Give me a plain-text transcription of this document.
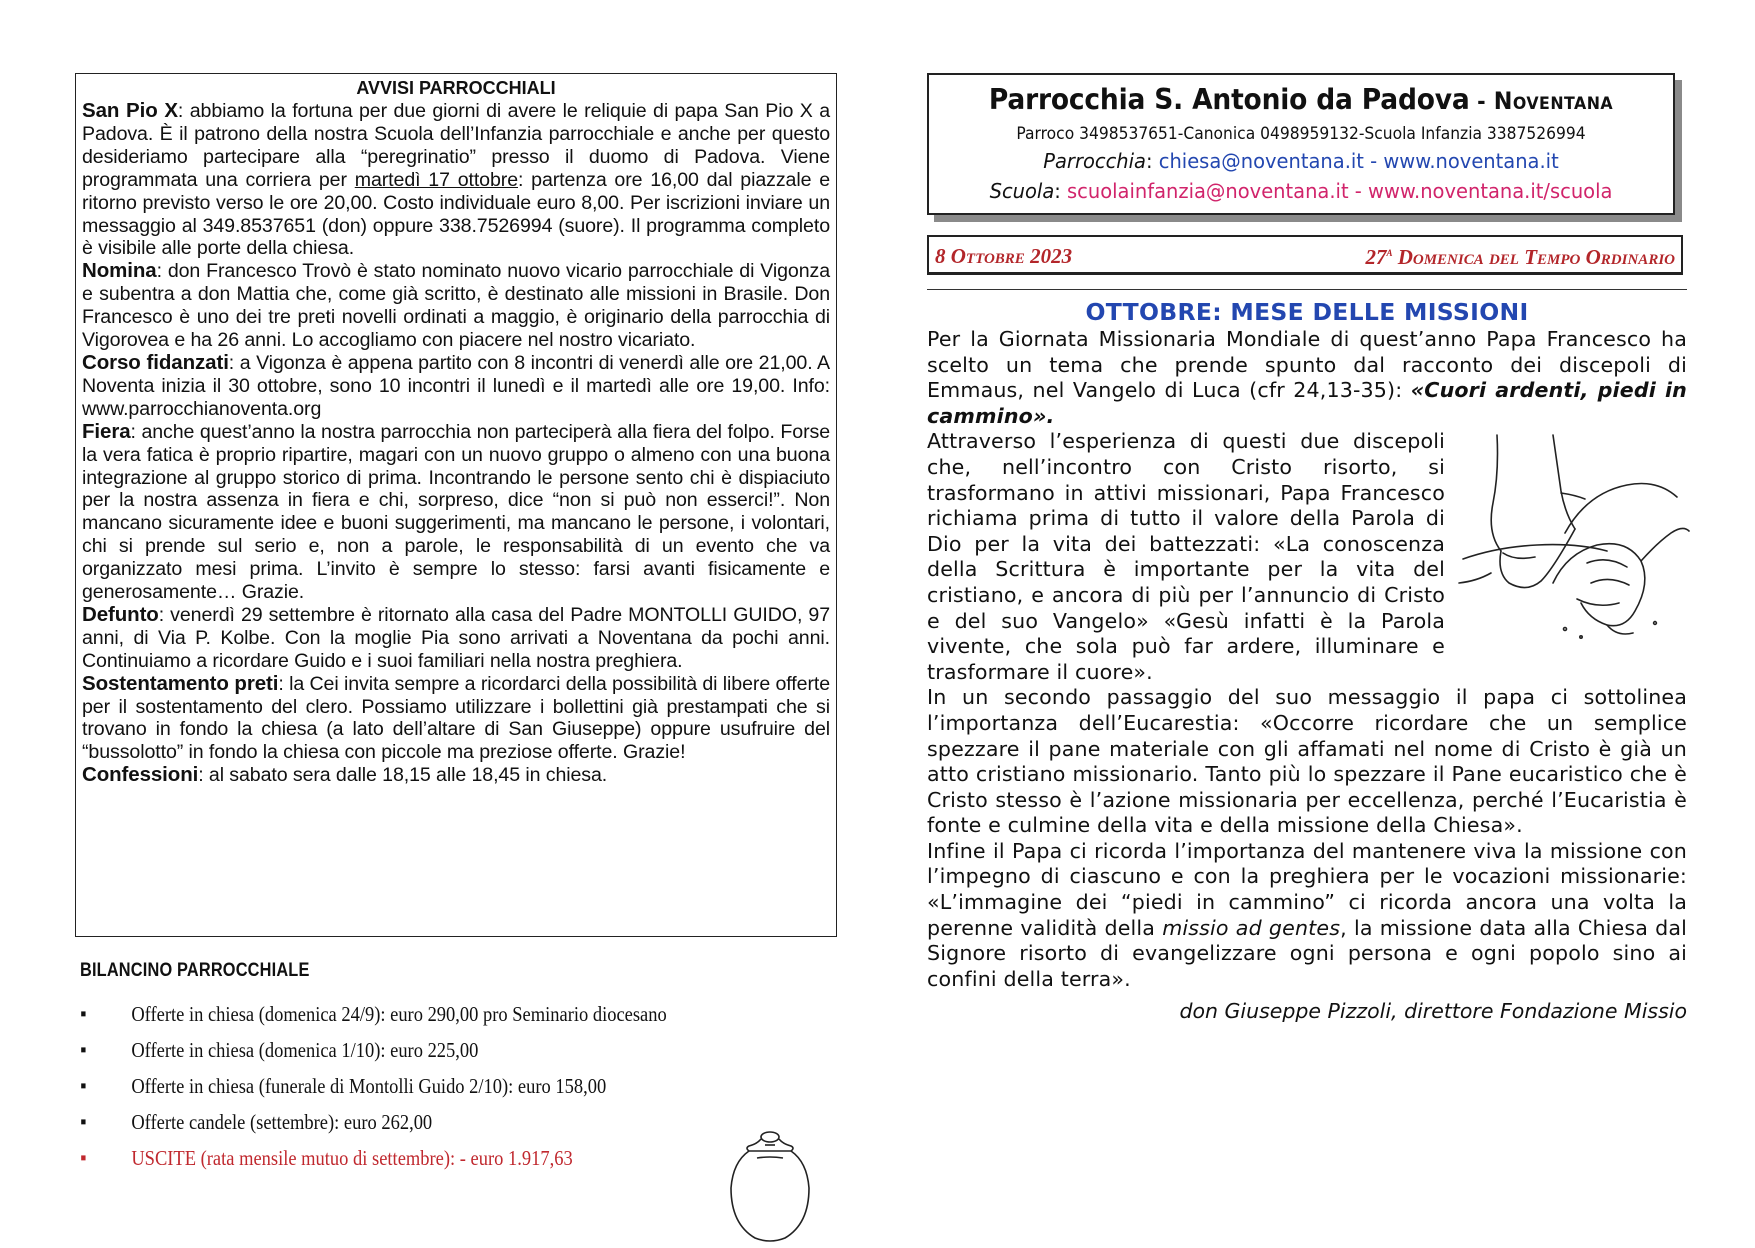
AVVISI PARROCCHIALI

San Pio X: abbiamo la fortuna per due giorni di avere le reliquie di papa San Pio X a Padova. È il patrono della nostra Scuola dell’Infanzia parrocchiale e anche per questo desideriamo partecipare alla “peregrinatio” presso il duomo di Padova. Viene programmata una corriera per martedì 17 ottobre: partenza ore 16,00 dal piazzale e ritorno previsto verso le ore 20,00. Costo individuale euro 8,00. Per iscrizioni inviare un messaggio al 349.8537651 (don) oppure 338.7526994 (suore). Il programma completo è visibile alle porte della chiesa.

Nomina: don Francesco Trovò è stato nominato nuovo vicario parrocchiale di Vigonza e subentra a don Mattia che, come già scritto, è destinato alle missioni in Brasile. Don Francesco è uno dei tre preti novelli ordinati a maggio, è originario della parrocchia di Vigorovea e ha 26 anni. Lo accogliamo con piacere nel nostro vicariato.

Corso fidanzati: a Vigonza è appena partito con 8 incontri di venerdì alle ore 21,00. A Noventa inizia il 30 ottobre, sono 10 incontri il lunedì e il martedì alle ore 19,00. Info: www.parrocchianoventa.org

Fiera: anche quest’anno la nostra parrocchia non parteciperà alla fiera del folpo. Forse la vera fatica è proprio ripartire, magari con un nuovo gruppo o almeno con una buona integrazione al gruppo storico di prima. Incontrando le persone sento chi è dispiaciuto per la nostra assenza in fiera e chi, sorpreso, dice “non si può non esserci!”. Non mancano sicuramente idee e buoni suggerimenti, ma mancano le persone, i volontari, chi si prende sul serio e, non a parole, le responsabilità di un evento che va organizzato mesi prima. L’invito è sempre lo stesso: farsi avanti fisicamente e generosamente… Grazie.

Defunto: venerdì 29 settembre è ritornato alla casa del Padre MONTOLLI GUIDO, 97 anni, di Via P. Kolbe. Con la moglie Pia sono arrivati a Noventana da pochi anni. Continuiamo a ricordare Guido e i suoi familiari nella nostra preghiera.

Sostentamento preti: la Cei invita sempre a ricordarci della possibilità di libere offerte per il sostentamento del clero. Possiamo utilizzare i bollettini già prestampati che si trovano in fondo la chiesa (a lato dell’altare di San Giuseppe) oppure usufruire del “bussolotto” in fondo la chiesa con piccole ma preziose offerte. Grazie!

Confessioni: al sabato sera dalle 18,15 alle 18,45 in chiesa.

BILANCINO PARROCCHIALE
▪ Offerte in chiesa (domenica 24/9): euro 290,00 pro Seminario diocesano
▪ Offerte in chiesa (domenica 1/10): euro 225,00
▪ Offerte in chiesa (funerale di Montolli Guido 2/10): euro 158,00
▪ Offerte candele (settembre): euro 262,00
▪ USCITE (rata mensile mutuo di settembre): - euro 1.917,63
Parrocchia S. Antonio da Padova - Noventana
Parroco 3498537651-Canonica 0498959132-Scuola Infanzia 3387526994
Parrocchia: chiesa@noventana.it - www.noventana.it
Scuola: scuolainfanzia@noventana.it - www.noventana.it/scuola
8 Ottobre 2023	27$^a$ Domenica del Tempo Ordinario
OTTOBRE: MESE DELLE MISSIONI

Per la Giornata Missionaria Mondiale di quest’anno Papa Francesco ha scelto un tema che prende spunto dal racconto dei discepoli di Emmaus, nel Vangelo di Luca (cfr 24,13-35): «Cuori ardenti, piedi in cammino».

Attraverso l’esperienza di questi due discepoli che, nell’incontro con Cristo risorto, si trasformano in attivi missionari, Papa Francesco richiama prima di tutto il valore della Parola di Dio per la vita dei battezzati: «La conoscenza della Scrittura è importante per la vita del cristiano, e ancora di più per l’annuncio di Cristo e del suo Vangelo» «Gesù infatti è la Parola vivente, che sola può far ardere, illuminare e trasformare il cuore».

In un secondo passaggio del suo messaggio il papa ci sottolinea l’importanza dell’Eucarestia: «Occorre ricordare che un semplice spezzare il pane materiale con gli affamati nel nome di Cristo è già un atto cristiano missionario. Tanto più lo spezzare il Pane eucaristico che è Cristo stesso è l’azione missionaria per eccellenza, perché l’Eucaristia è fonte e culmine della vita e della missione della Chiesa».

Infine il Papa ci ricorda l’importanza del mantenere viva la missione con l’impegno di ciascuno e con la preghiera per le vocazioni missionarie: «L’immagine dei “piedi in cammino” ci ricorda ancora una volta la perenne validità della missio ad gentes, la missione data alla Chiesa dal Signore risorto di evangelizzare ogni persona e ogni popolo sino ai confini della terra».

don Giuseppe Pizzoli, direttore Fondazione Missio
